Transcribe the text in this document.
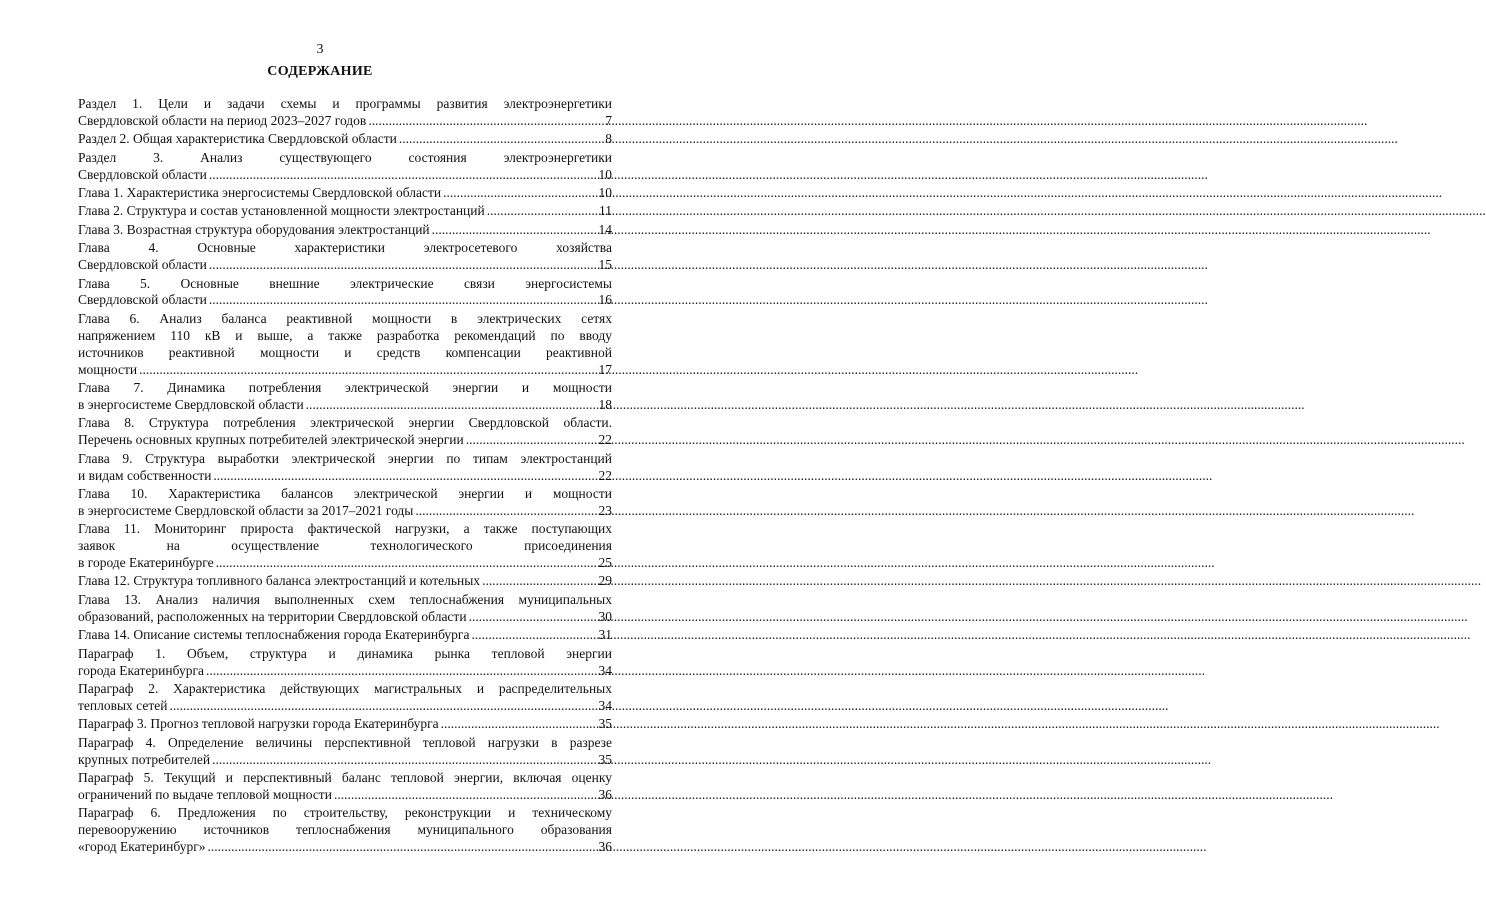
3
СОДЕРЖАНИЕ
Раздел 1. Цели и задачи схемы и программы развития электроэнергетики
Свердловской области на период 2023–2027 годов .....	7
Раздел 2. Общая характеристика Свердловской области .....	8
Раздел 3. Анализ существующего состояния электроэнергетики
Свердловской области .....	10
Глава 1. Характеристика энергосистемы Свердловской области .....	10
Глава 2. Структура и состав установленной мощности электростанций .....	11
Глава 3. Возрастная структура оборудования электростанций .....	14
Глава 4. Основные характеристики электросетевого хозяйства
Свердловской области .....	15
Глава 5. Основные внешние электрические связи энергосистемы
Свердловской области .....	16
Глава 6. Анализ баланса реактивной мощности в электрических сетях
напряжением 110 кВ и выше, а также разработка рекомендаций по вводу
источников реактивной мощности и средств компенсации реактивной
мощности .....	17
Глава 7. Динамика потребления электрической энергии и мощности
в энергосистеме Свердловской области .....	18
Глава 8. Структура потребления электрической энергии Свердловской области.
Перечень основных крупных потребителей электрической энергии .....	22
Глава 9. Структура выработки электрической энергии по типам электростанций
и видам собственности .....	22
Глава 10. Характеристика балансов электрической энергии и мощности
в энергосистеме Свердловской области за 2017–2021 годы .....	23
Глава 11. Мониторинг прироста фактической нагрузки, а также поступающих
заявок на осуществление технологического присоединения
в городе Екатеринбурге .....	25
Глава 12. Структура топливного баланса электростанций и котельных .....	29
Глава 13. Анализ наличия выполненных схем теплоснабжения муниципальных
образований, расположенных на территории Свердловской области .....	30
Глава 14. Описание системы теплоснабжения города Екатеринбурга .....	31
Параграф 1. Объем, структура и динамика рынка тепловой энергии
города Екатеринбурга .....	34
Параграф 2. Характеристика действующих магистральных и распределительных
тепловых сетей .....	34
Параграф 3. Прогноз тепловой нагрузки города Екатеринбурга .....	35
Параграф 4. Определение величины перспективной тепловой нагрузки в разрезе
крупных потребителей .....	35
Параграф 5. Текущий и перспективный баланс тепловой энергии, включая оценку
ограничений по выдаче тепловой мощности .....	36
Параграф 6. Предложения по строительству, реконструкции и техническому
перевооружению источников теплоснабжения муниципального образования
«город Екатеринбург» .....	36
